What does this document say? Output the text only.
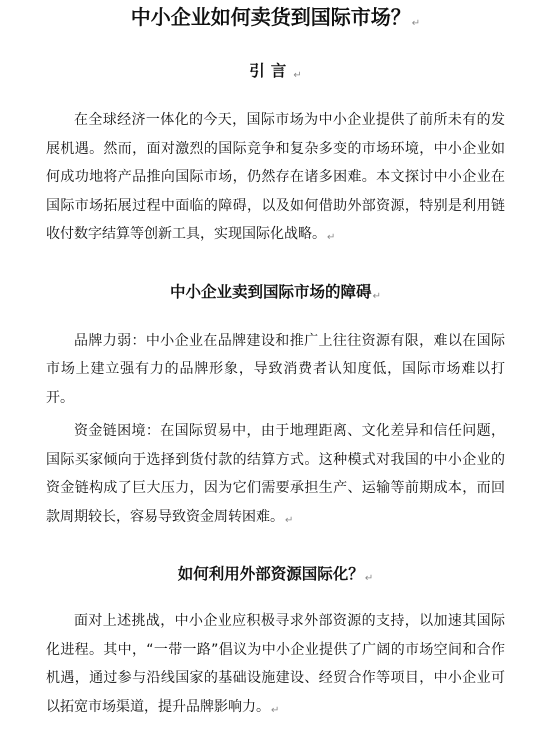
中小企业如何卖货到国际市场？↵
引言↵

在全球经济一体化的今天，国际市场为中小企业提供了前所未有的发展机遇。然而，面对激烈的国际竞争和复杂多变的市场环境，中小企业如何成功地将产品推向国际市场，仍然存在诸多困难。本文探讨中小企业在国际市场拓展过程中面临的障碍，以及如何借助外部资源，特别是利用链收付数字结算等创新工具，实现国际化战略。↵

中小企业卖到国际市场的障碍↵

品牌力弱：中小企业在品牌建设和推广上往往资源有限，难以在国际市场上建立强有力的品牌形象，导致消费者认知度低，国际市场难以打开。

资金链困境：在国际贸易中，由于地理距离、文化差异和信任问题，国际买家倾向于选择到货付款的结算方式。这种模式对我国的中小企业的资金链构成了巨大压力，因为它们需要承担生产、运输等前期成本，而回款周期较长，容易导致资金周转困难。↵

如何利用外部资源国际化？↵

面对上述挑战，中小企业应积极寻求外部资源的支持，以加速其国际化进程。其中，“一带一路”倡议为中小企业提供了广阔的市场空间和合作机遇，通过参与沿线国家的基础设施建设、经贸合作等项目，中小企业可以拓宽市场渠道，提升品牌影响力。↵
